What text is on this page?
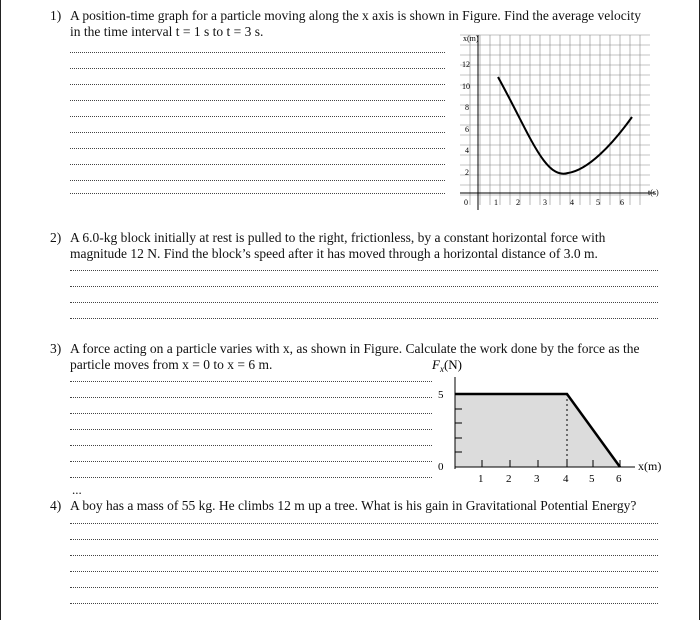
1) A position-time graph for a particle moving along the x axis is shown in Figure. Find the average velocity
in the time interval t = 1 s to t = 3 s.	x(m)
t(s)
12
10
8
6
4
2
0	1 2	3	4	5	6
2) A 6.0-kg block initially at rest is pulled to the right, frictionless, by a constant horizontal force with
magnitude 12 N. Find the block’s speed after it has moved through a horizontal distance of 3.0 m.
3) A force acting on a particle varies with x, as shown in Figure. Calculate the work done by the force as the
particle moves from x = 0 to x = 6 m.
...
$F_x(N)$
5
0
1 2 3 4 5 6
x(m)
4) A boy has a mass of 55 kg. He climbs 12 m up a tree. What is his gain in Gravitational Potential Energy?
